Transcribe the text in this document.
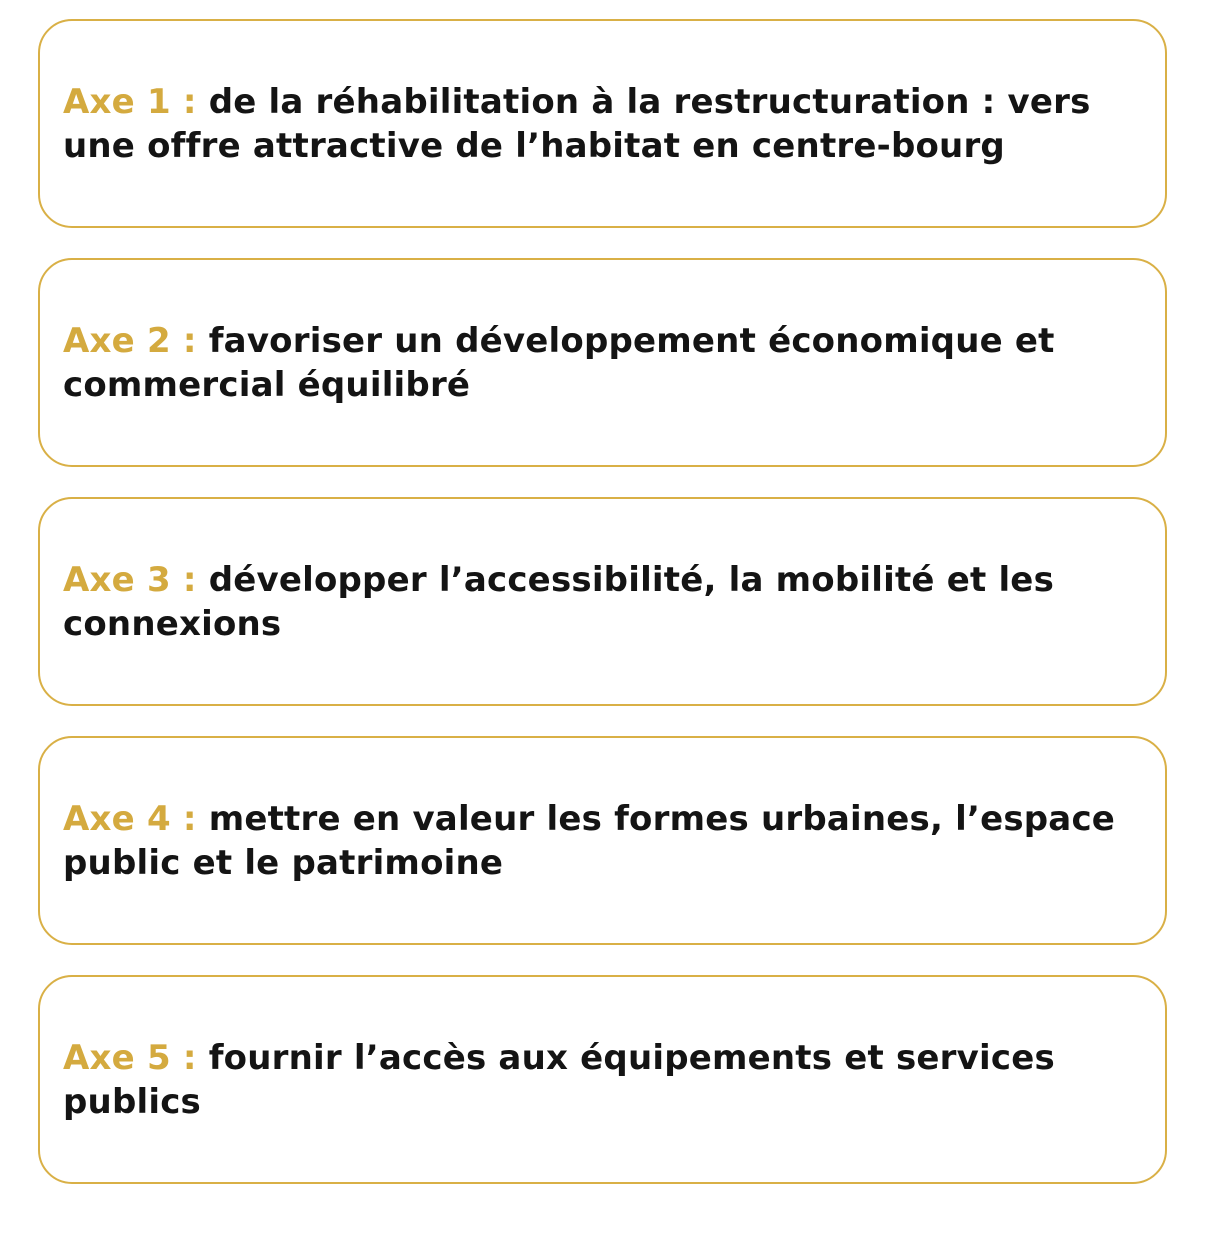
Axe 1 : de la réhabilitation à la restructuration : vers une offre attractive de l’habitat en centre-bourg

Axe 2 : favoriser un développement économique et commercial équilibré

Axe 3 : développer l’accessibilité, la mobilité et les connexions

Axe 4 : mettre en valeur les formes urbaines, l’espace public et le patrimoine

Axe 5 : fournir l’accès aux équipements et services publics
